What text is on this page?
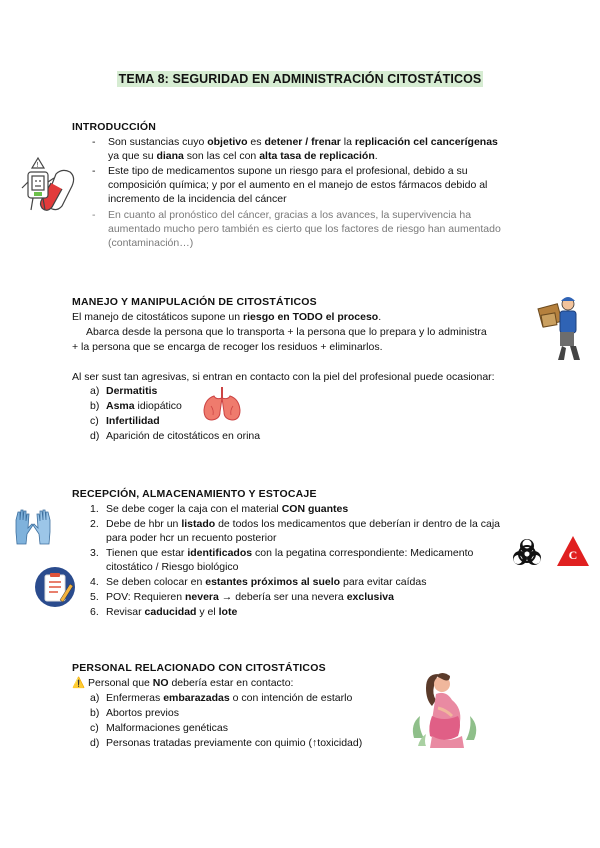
TEMA 8: SEGURIDAD EN ADMINISTRACIÓN CITOSTÁTICOS
INTRODUCCIÓN
!
- Son sustancias cuyo objetivo es detener / frenar la replicación cel cancerígenas
ya que su diana son las cel con alta tasa de replicación.
- Este tipo de medicamentos supone un riesgo para el profesional, debido a su
composición química; y por el aumento en el manejo de estos fármacos debido al
incremento de la incidencia del cáncer
- En cuanto al pronóstico del cáncer, gracias a los avances, la supervivencia ha
aumentado mucho pero también es cierto que los factores de riesgo han aumentado
(contaminación…)
MANEJO Y MANIPULACIÓN DE CITOSTÁTICOS
El manejo de citostáticos supone un riesgo en TODO el proceso.
Abarca desde la persona que lo transporta + la persona que lo prepara y lo administra
+ la persona que se encarga de recoger los residuos + eliminarlos.
Al ser sust tan agresivas, si entran en contacto con la piel del profesional puede ocasionar:
a) Dermatitis
b) Asma idiopático
c) Infertilidad
d) Aparición de citostáticos en orina
RECEPCIÓN, ALMACENAMIENTO Y ESTOCAJE
1. Se debe coger la caja con el material CON guantes
2. Debe de hbr un listado de todos los medicamentos que deberían ir dentro de la caja
para poder hcr un recuento posterior
3. Tienen que estar identificados con la pegatina correspondiente: Medicamento
citostático / Riesgo biológico
4. Se deben colocar en estantes próximos al suelo para evitar caídas
5. POV: Requieren nevera → debería ser una nevera exclusiva
6. Revisar caducidad y el lote
C
PERSONAL RELACIONADO CON CITOSTÁTICOS
⚠️ Personal que NO debería estar en contacto:
a) Enfermeras embarazadas o con intención de estarlo
b) Abortos previos
c) Malformaciones genéticas
d) Personas tratadas previamente con quimio (↑toxicidad)
